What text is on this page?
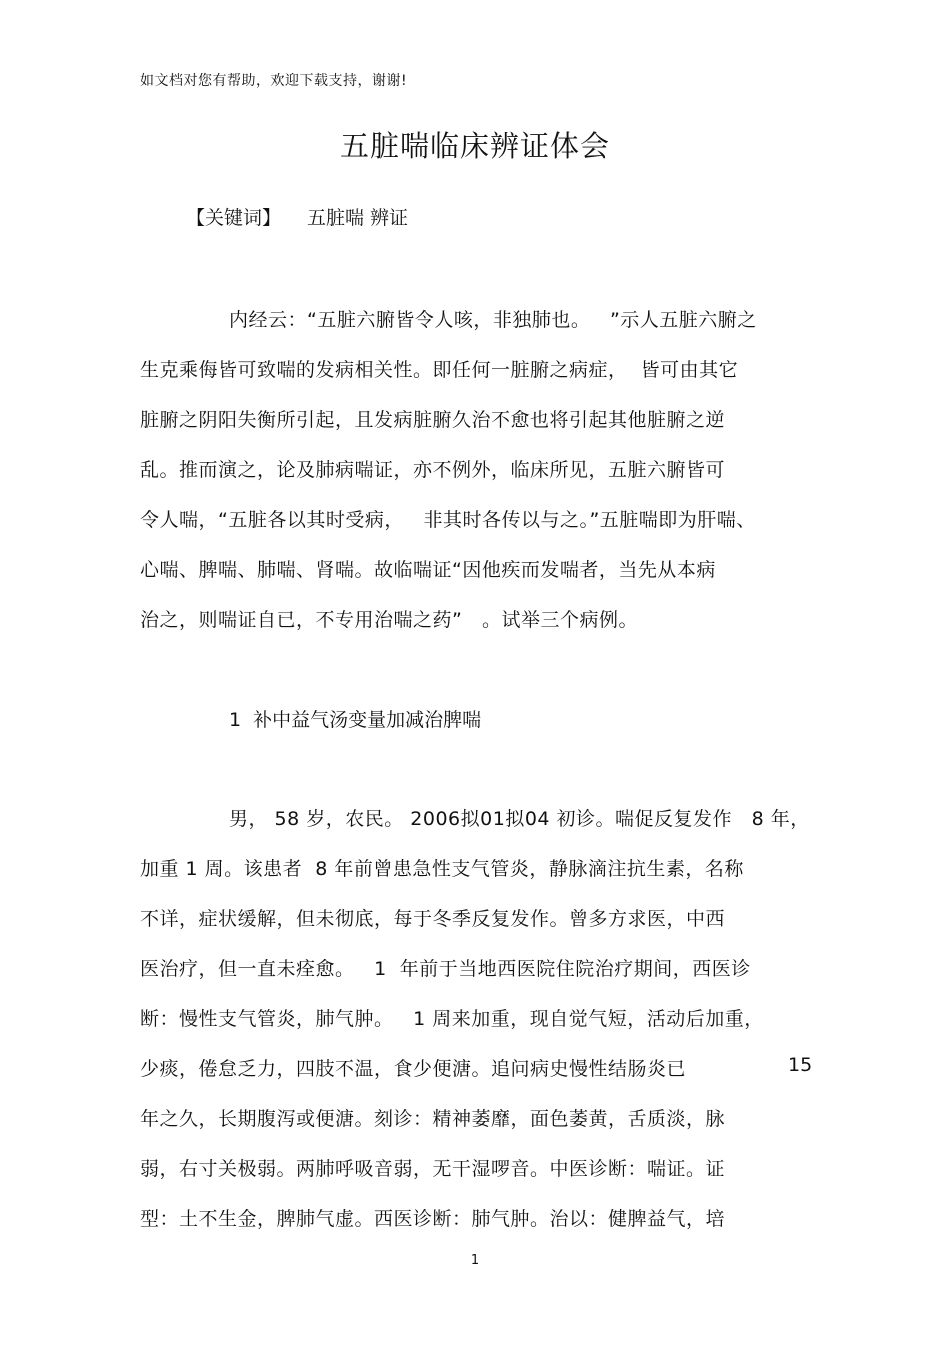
如文档对您有帮助，欢迎下载支持，谢谢!
五脏喘临床辨证体会
【关键词】 五脏喘 辨证
内经云：“五脏六腑皆令人咳，非独肺也。   ”示人五脏六腑之
生克乘侮皆可致喘的发病相关性。即任何一脏腑之病症，  皆可由其它
脏腑之阴阳失衡所引起，且发病脏腑久治不愈也将引起其他脏腑之逆
乱。推而演之，论及肺病喘证，亦不例外，临床所见，五脏六腑皆可
令人喘，“五脏各以其时受病，   非其时各传以与之。”五脏喘即为肝喘、
心喘、脾喘、肺喘、肾喘。故临喘证“因他疾而发喘者，当先从本病
治之，则喘证自已，不专用治喘之药”   。试举三个病例。
1  补中益气汤变量加减治脾喘
男， 58 岁，农民。 2006拟01拟04 初诊。喘促反复发作   8 年，
加重 1 周。该患者  8 年前曾患急性支气管炎，静脉滴注抗生素，名称
不详，症状缓解，但未彻底，每于冬季反复发作。曾多方求医，中西
医治疗，但一直未痊愈。   1  年前于当地西医院住院治疗期间，西医诊
断：慢性支气管炎，肺气肿。   1 周来加重，现自觉气短，活动后加重，
少痰，倦怠乏力，四肢不温，食少便溏。追问病史慢性结肠炎已	15
年之久，长期腹泻或便溏。刻诊：精神萎靡，面色萎黄，舌质淡，脉
弱，右寸关极弱。两肺呼吸音弱，无干湿啰音。中医诊断：喘证。证
型：土不生金，脾肺气虚。西医诊断：肺气肿。治以：健脾益气，培
1
